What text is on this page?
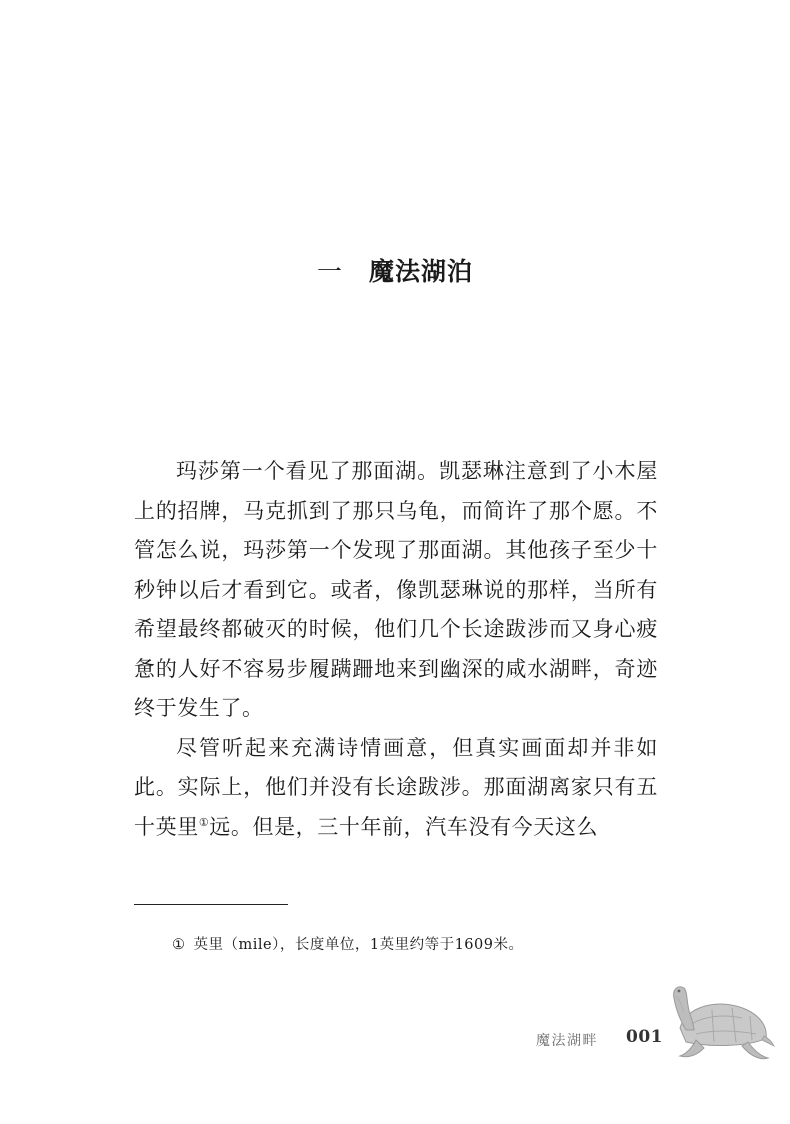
一 魔法湖泊

玛莎第一个看见了那面湖。凯瑟琳注意到了小木屋上的招牌，马克抓到了那只乌龟，而简许了那个愿。不管怎么说，玛莎第一个发现了那面湖。其他孩子至少十秒钟以后才看到它。或者，像凯瑟琳说的那样，当所有希望最终都破灭的时候，他们几个长途跋涉而又身心疲惫的人好不容易步履蹒跚地来到幽深的咸水湖畔，奇迹终于发生了。

尽管听起来充满诗情画意，但真实画面却并非如此。实际上，他们并没有长途跋涉。那面湖离家只有五十英里①远。但是，三十年前，汽车没有今天这么

① 英里（mile），长度单位，1英里约等于1609米。
魔法湖畔 001
